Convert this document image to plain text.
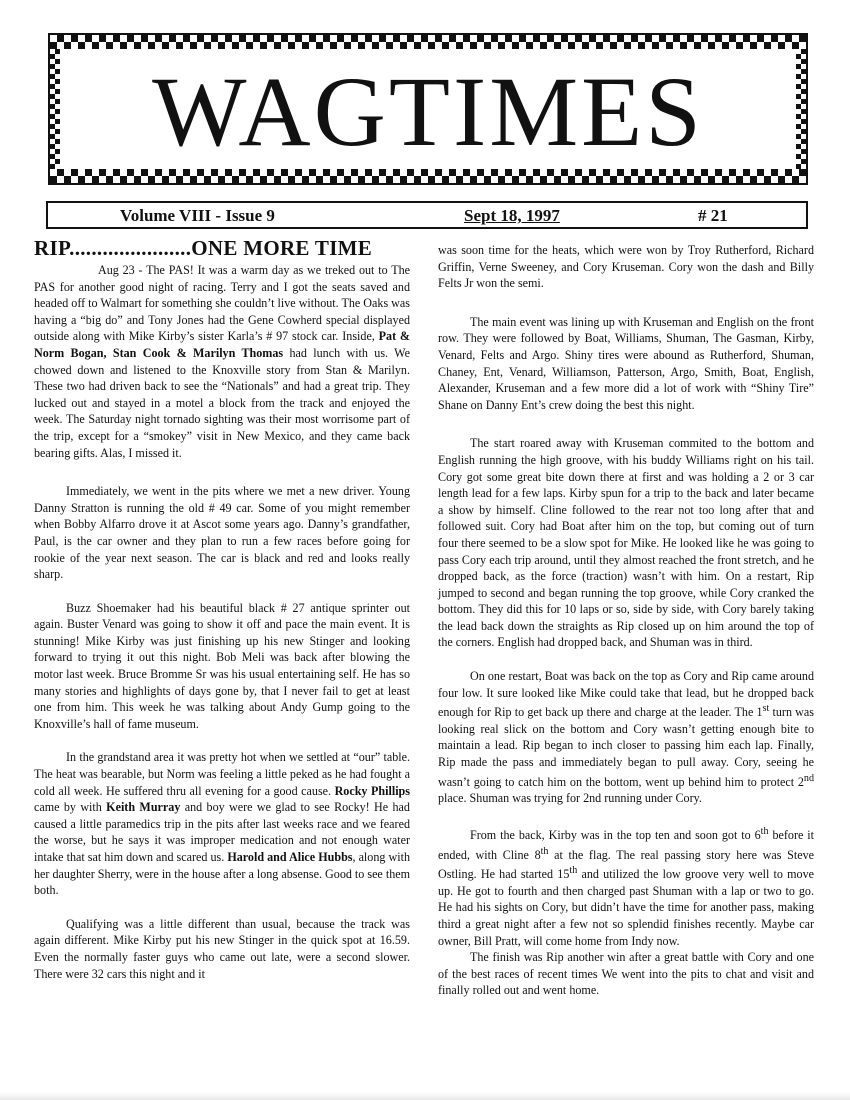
WAGTIMES
Volume VIII - Issue 9	Sept 18, 1997	# 21
RIP......................ONE MORE TIME

Aug 23 - The PAS! It was a warm day as we treked out to The PAS for another good night of racing. Terry and I got the seats saved and headed off to Walmart for something she couldn’t live without. The Oaks was having a “big do” and Tony Jones had the Gene Cowherd special displayed outside along with Mike Kirby’s sister Karla’s # 97 stock car. Inside, Pat & Norm Bogan, Stan Cook & Marilyn Thomas had lunch with us. We chowed down and listened to the Knoxville story from Stan & Marilyn. These two had driven back to see the “Nationals” and had a great trip. They lucked out and stayed in a motel a block from the track and enjoyed the week. The Saturday night tornado sighting was their most worrisome part of the trip, except for a “smokey” visit in New Mexico, and they came back bearing gifts. Alas, I missed it.

Immediately, we went in the pits where we met a new driver. Young Danny Stratton is running the old # 49 car. Some of you might remember when Bobby Alfarro drove it at Ascot some years ago. Danny’s grandfather, Paul, is the car owner and they plan to run a few races before going for rookie of the year next season. The car is black and red and looks really sharp.

Buzz Shoemaker had his beautiful black # 27 antique sprinter out again. Buster Venard was going to show it off and pace the main event. It is stunning! Mike Kirby was just finishing up his new Stinger and looking forward to trying it out this night. Bob Meli was back after blowing the motor last week. Bruce Bromme Sr was his usual entertaining self. He has so many stories and highlights of days gone by, that I never fail to get at least one from him. This week he was talking about Andy Gump going to the Knoxville’s hall of fame museum.

In the grandstand area it was pretty hot when we settled at “our” table. The heat was bearable, but Norm was feeling a little peked as he had fought a cold all week. He suffered thru all evening for a good cause. Rocky Phillips came by with Keith Murray and boy were we glad to see Rocky! He had caused a little paramedics trip in the pits after last weeks race and we feared the worse, but he says it was improper medication and not enough water intake that sat him down and scared us. Harold and Alice Hubbs, along with her daughter Sherry, were in the house after a long absense. Good to see them both.

Qualifying was a little different than usual, because the track was again different. Mike Kirby put his new Stinger in the quick spot at 16.59. Even the normally faster guys who came out late, were a second slower. There were 32 cars this night and it

was soon time for the heats, which were won by Troy Rutherford, Richard Griffin, Verne Sweeney, and Cory Kruseman. Cory won the dash and Billy Felts Jr won the semi.

The main event was lining up with Kruseman and English on the front row. They were followed by Boat, Williams, Shuman, The Gasman, Kirby, Venard, Felts and Argo. Shiny tires were abound as Rutherford, Shuman, Chaney, Ent, Venard, Williamson, Patterson, Argo, Smith, Boat, English, Alexander, Kruseman and a few more did a lot of work with “Shiny Tire” Shane on Danny Ent’s crew doing the best this night.

The start roared away with Kruseman commited to the bottom and English running the high groove, with his buddy Williams right on his tail. Cory got some great bite down there at first and was holding a 2 or 3 car length lead for a few laps. Kirby spun for a trip to the back and later became a show by himself. Cline followed to the rear not too long after that and followed suit. Cory had Boat after him on the top, but coming out of turn four there seemed to be a slow spot for Mike. He looked like he was going to pass Cory each trip around, until they almost reached the front stretch, and he dropped back, as the force (traction) wasn’t with him. On a restart, Rip jumped to second and began running the top groove, while Cory cranked the bottom. They did this for 10 laps or so, side by side, with Cory barely taking the lead back down the straights as Rip closed up on him around the top of the corners. English had dropped back, and Shuman was in third.

On one restart, Boat was back on the top as Cory and Rip came around four low. It sure looked like Mike could take that lead, but he dropped back enough for Rip to get back up there and charge at the leader. The 1st turn was looking real slick on the bottom and Cory wasn’t getting enough bite to maintain a lead. Rip began to inch closer to passing him each lap. Finally, Rip made the pass and immediately began to pull away. Cory, seeing he wasn’t going to catch him on the bottom, went up behind him to protect 2nd place. Shuman was trying for 2nd running under Cory.

From the back, Kirby was in the top ten and soon got to 6th before it ended, with Cline 8th at the flag. The real passing story here was Steve Ostling. He had started 15th and utilized the low groove very well to move up. He got to fourth and then charged past Shuman with a lap or two to go. He had his sights on Cory, but didn’t have the time for another pass, making third a great night after a few not so splendid finishes recently. Maybe car owner, Bill Pratt, will come home from Indy now.

The finish was Rip another win after a great battle with Cory and one of the best races of recent times We went into the pits to chat and visit and finally rolled out and went home.
